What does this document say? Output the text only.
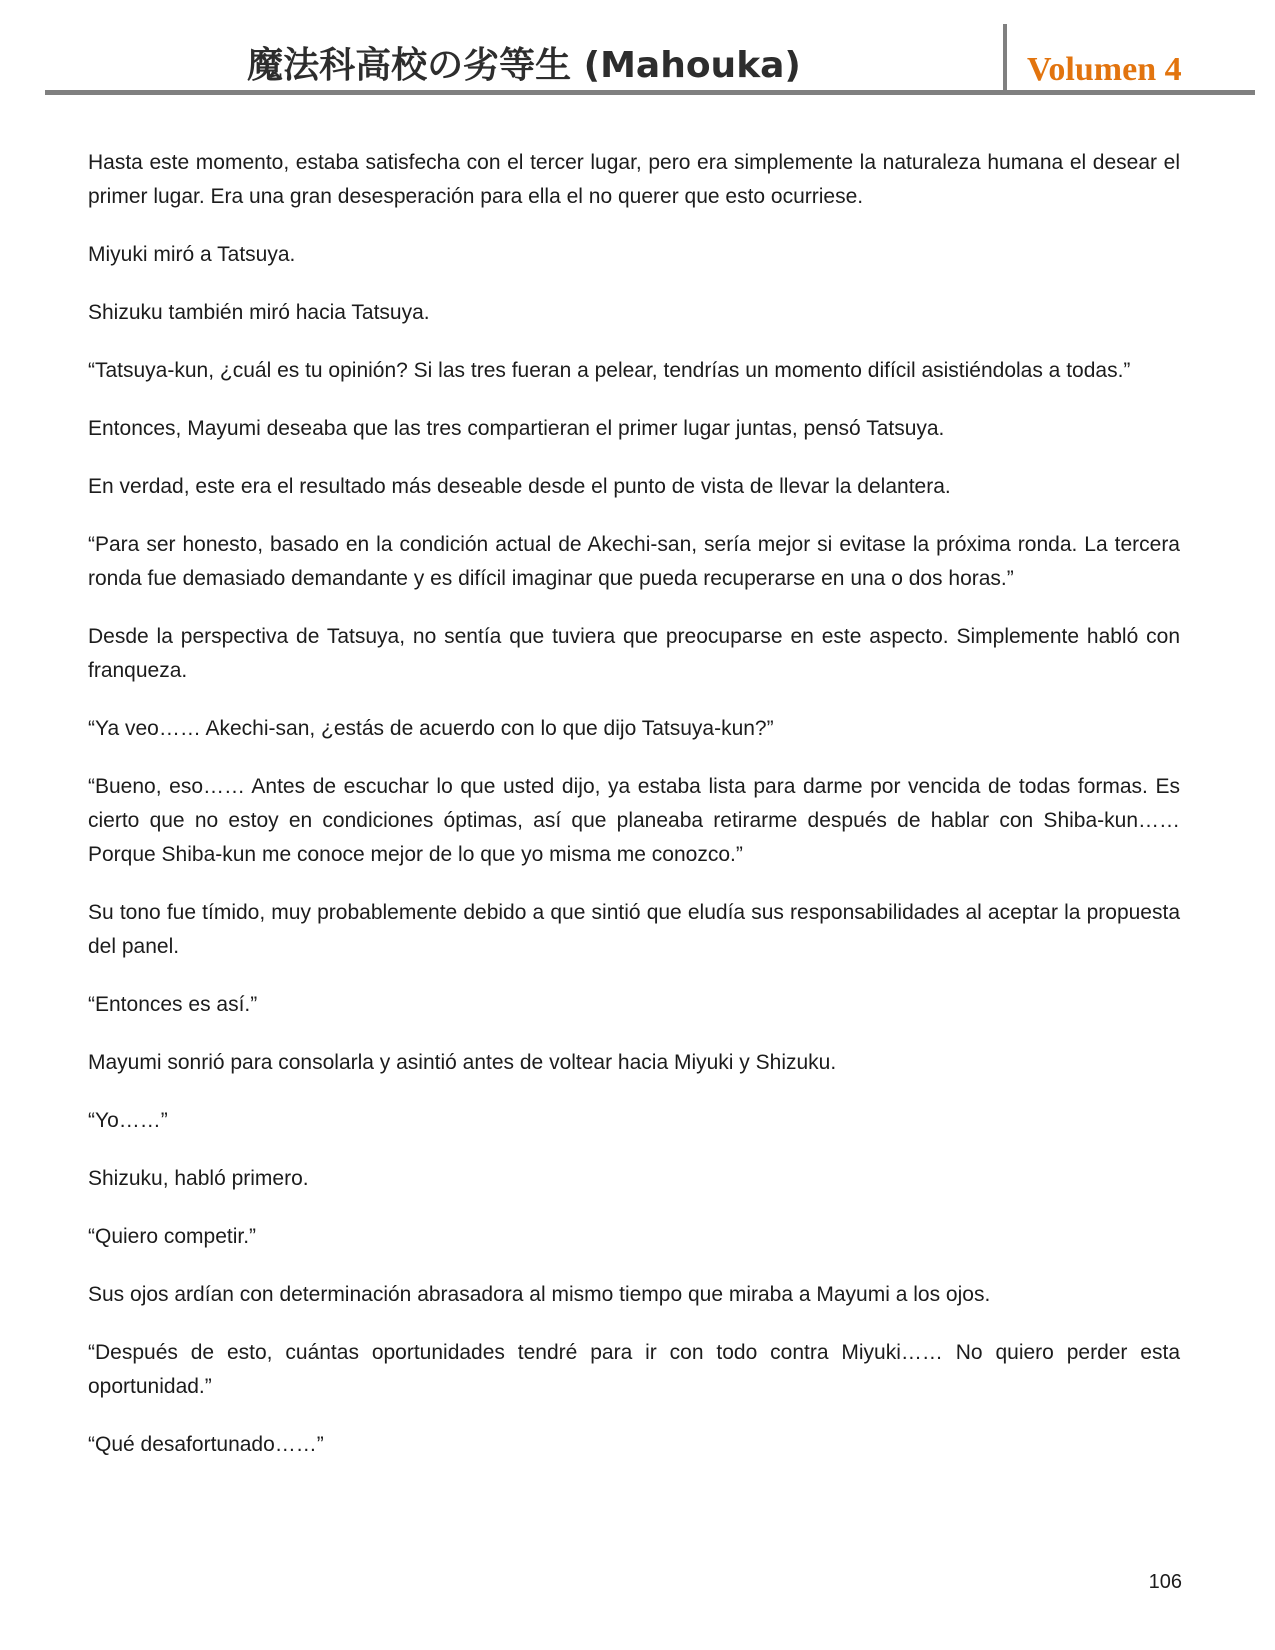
魔法科高校の劣等生 (Mahouka)	Volumen 4

Hasta este momento, estaba satisfecha con el tercer lugar, pero era simplemente la naturaleza humana el desear el primer lugar. Era una gran desesperación para ella el no querer que esto ocurriese.

Miyuki miró a Tatsuya.

Shizuku también miró hacia Tatsuya.

“Tatsuya-kun, ¿cuál es tu opinión? Si las tres fueran a pelear, tendrías un momento difícil asistiéndolas a todas.”

Entonces, Mayumi deseaba que las tres compartieran el primer lugar juntas, pensó Tatsuya.

En verdad, este era el resultado más deseable desde el punto de vista de llevar la delantera.

“Para ser honesto, basado en la condición actual de Akechi-san, sería mejor si evitase la próxima ronda. La tercera ronda fue demasiado demandante y es difícil imaginar que pueda recuperarse en una o dos horas.”

Desde la perspectiva de Tatsuya, no sentía que tuviera que preocuparse en este aspecto. Simplemente habló con franqueza.

“Ya veo…… Akechi-san, ¿estás de acuerdo con lo que dijo Tatsuya-kun?”

“Bueno, eso…… Antes de escuchar lo que usted dijo, ya estaba lista para darme por vencida de todas formas. Es cierto que no estoy en condiciones óptimas, así que planeaba retirarme después de hablar con Shiba-kun…… Porque Shiba-kun me conoce mejor de lo que yo misma me conozco.”

Su tono fue tímido, muy probablemente debido a que sintió que eludía sus responsabilidades al aceptar la propuesta del panel.

“Entonces es así.”

Mayumi sonrió para consolarla y asintió antes de voltear hacia Miyuki y Shizuku.

“Yo……”

Shizuku, habló primero.

“Quiero competir.”

Sus ojos ardían con determinación abrasadora al mismo tiempo que miraba a Mayumi a los ojos.

“Después de esto, cuántas oportunidades tendré para ir con todo contra Miyuki…… No quiero perder esta oportunidad.”

“Qué desafortunado……”

106
